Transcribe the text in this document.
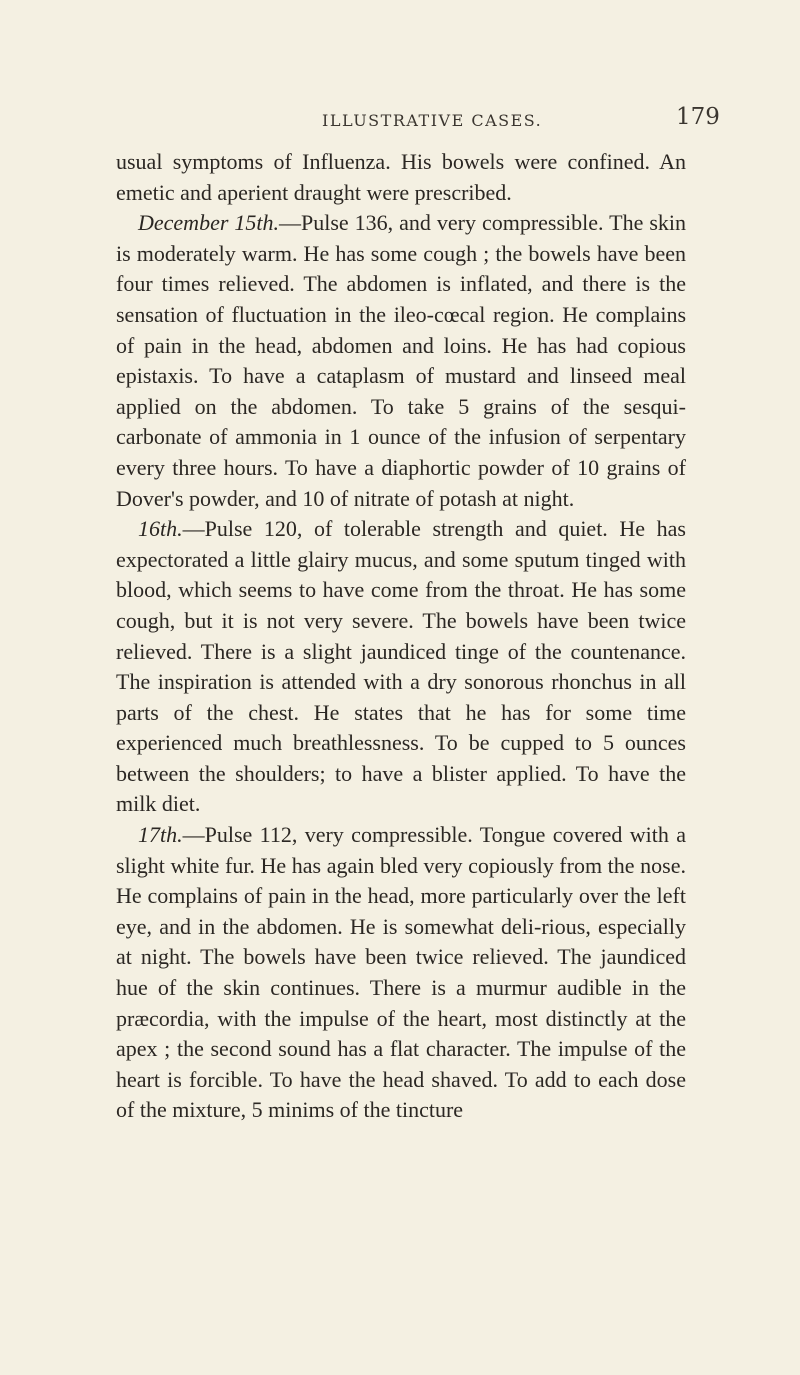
ILLUSTRATIVE CASES.	179

usual symptoms of Influenza. His bowels were confined. An emetic and aperient draught were prescribed.

December 15th.—Pulse 136, and very compressible. The skin is moderately warm. He has some cough ; the bowels have been four times relieved. The abdomen is inflated, and there is the sensation of fluctuation in the ileo-cœcal region. He complains of pain in the head, abdomen and loins. He has had copious epistaxis. To have a cataplasm of mustard and linseed meal applied on the abdomen. To take 5 grains of the sesqui-carbonate of ammonia in 1 ounce of the infusion of serpentary every three hours. To have a diaphortic powder of 10 grains of Dover's powder, and 10 of nitrate of potash at night.

16th.—Pulse 120, of tolerable strength and quiet. He has expectorated a little glairy mucus, and some sputum tinged with blood, which seems to have come from the throat. He has some cough, but it is not very severe. The bowels have been twice relieved. There is a slight jaundiced tinge of the countenance. The inspiration is attended with a dry sonorous rhonchus in all parts of the chest. He states that he has for some time experienced much breathlessness. To be cupped to 5 ounces between the shoulders; to have a blister applied. To have the milk diet.

17th.—Pulse 112, very compressible. Tongue covered with a slight white fur. He has again bled very copiously from the nose. He complains of pain in the head, more particularly over the left eye, and in the abdomen. He is somewhat deli-rious, especially at night. The bowels have been twice relieved. The jaundiced hue of the skin continues. There is a murmur audible in the præcordia, with the impulse of the heart, most distinctly at the apex ; the second sound has a flat character. The impulse of the heart is forcible. To have the head shaved. To add to each dose of the mixture, 5 minims of the tincture
